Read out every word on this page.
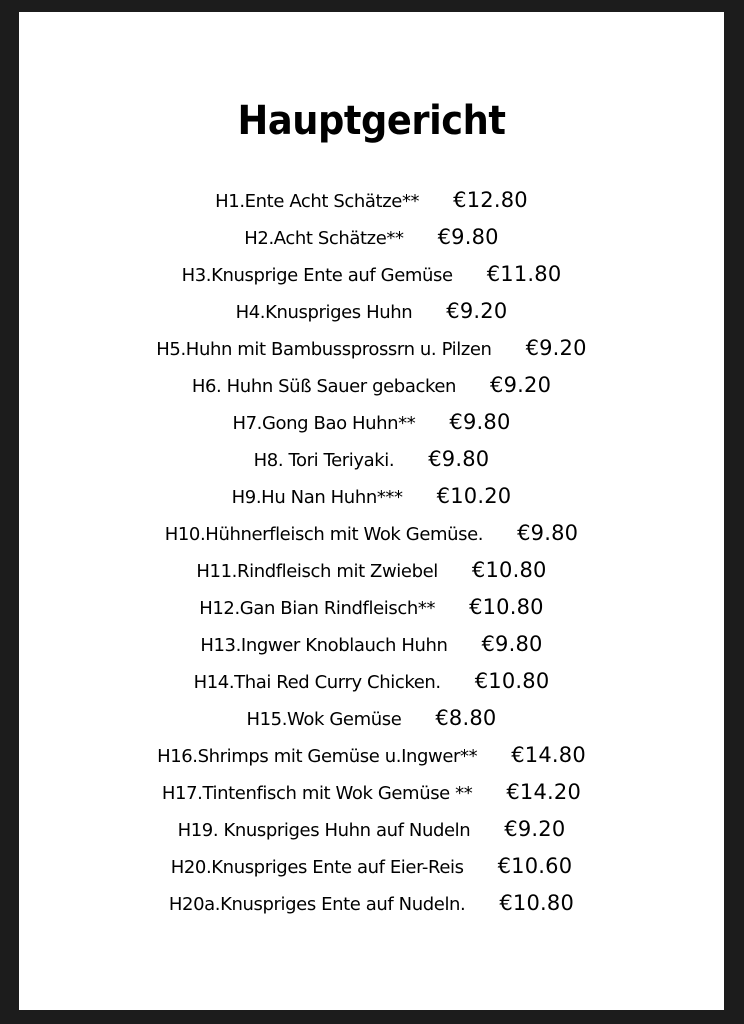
Hauptgericht
H1.Ente Acht Schätze** €12.80
H2.Acht Schätze** €9.80
H3.Knusprige Ente auf Gemüse €11.80
H4.Knuspriges Huhn €9.20
H5.Huhn mit Bambussprossrn u. Pilzen €9.20
H6. Huhn Süß Sauer gebacken €9.20
H7.Gong Bao Huhn** €9.80
H8. Tori Teriyaki. €9.80
H9.Hu Nan Huhn*** €10.20
H10.Hühnerfleisch mit Wok Gemüse. €9.80
H11.Rindfleisch mit Zwiebel €10.80
H12.Gan Bian Rindfleisch** €10.80
H13.Ingwer Knoblauch Huhn €9.80
H14.Thai Red Curry Chicken. €10.80
H15.Wok Gemüse €8.80
H16.Shrimps mit Gemüse u.Ingwer** €14.80
H17.Tintenfisch mit Wok Gemüse ** €14.20
H19. Knuspriges Huhn auf Nudeln €9.20
H20.Knuspriges Ente auf Eier-Reis €10.60
H20a.Knuspriges Ente auf Nudeln. €10.80
